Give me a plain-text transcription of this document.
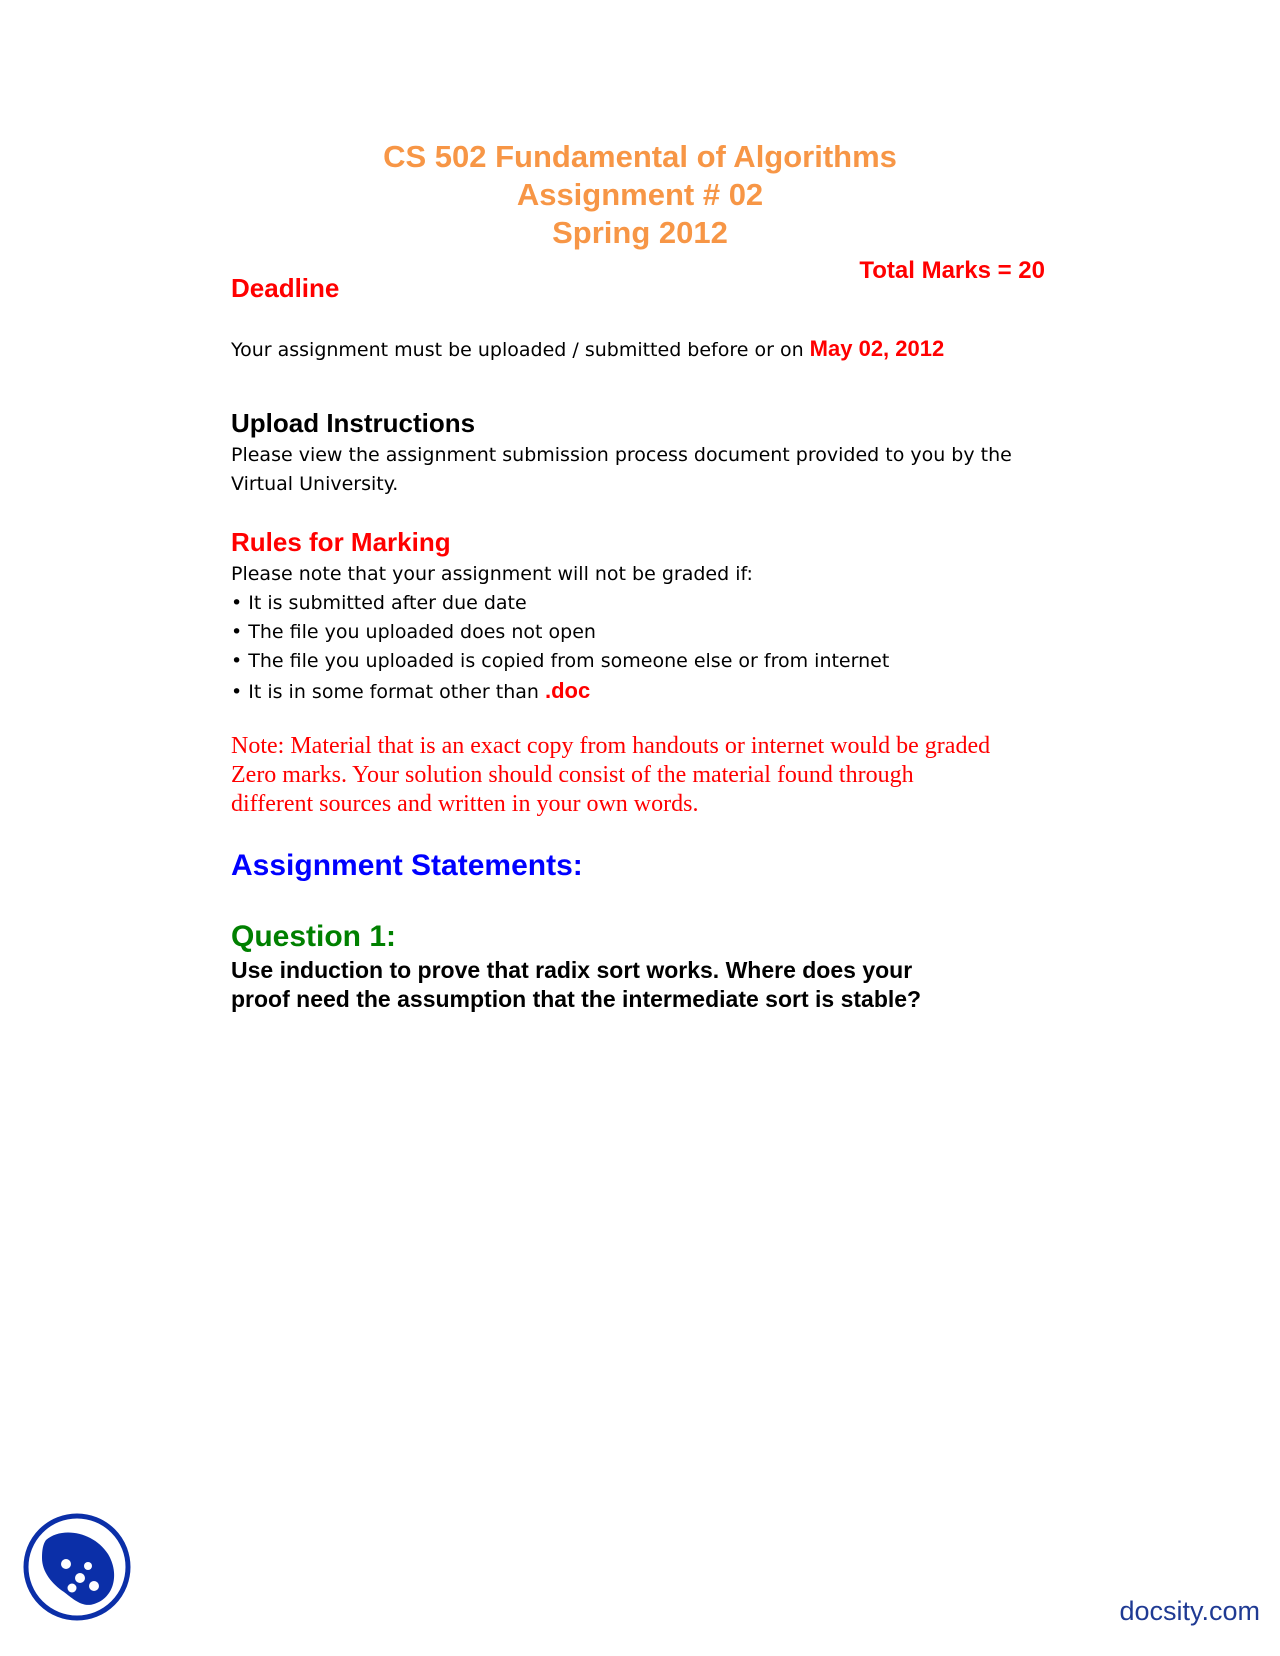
CS 502 Fundamental of Algorithms
Assignment # 02
Spring 2012
Total Marks = 20
Deadline

Your assignment must be uploaded / submitted before or on May 02, 2012

Upload Instructions

Please view the assignment submission process document provided to you by the
Virtual University.

Rules for Marking

Please note that your assignment will not be graded if:

• It is submitted after due date
• The file you uploaded does not open
• The file you uploaded is copied from someone else or from internet
• It is in some format other than .doc

Note: Material that is an exact copy from handouts or internet would be graded
Zero marks. Your solution should consist of the material found through
different sources and written in your own words.

Assignment Statements:
Question 1:

Use induction to prove that radix sort works. Where does your
proof need the assumption that the intermediate sort is stable?

docsity.com
